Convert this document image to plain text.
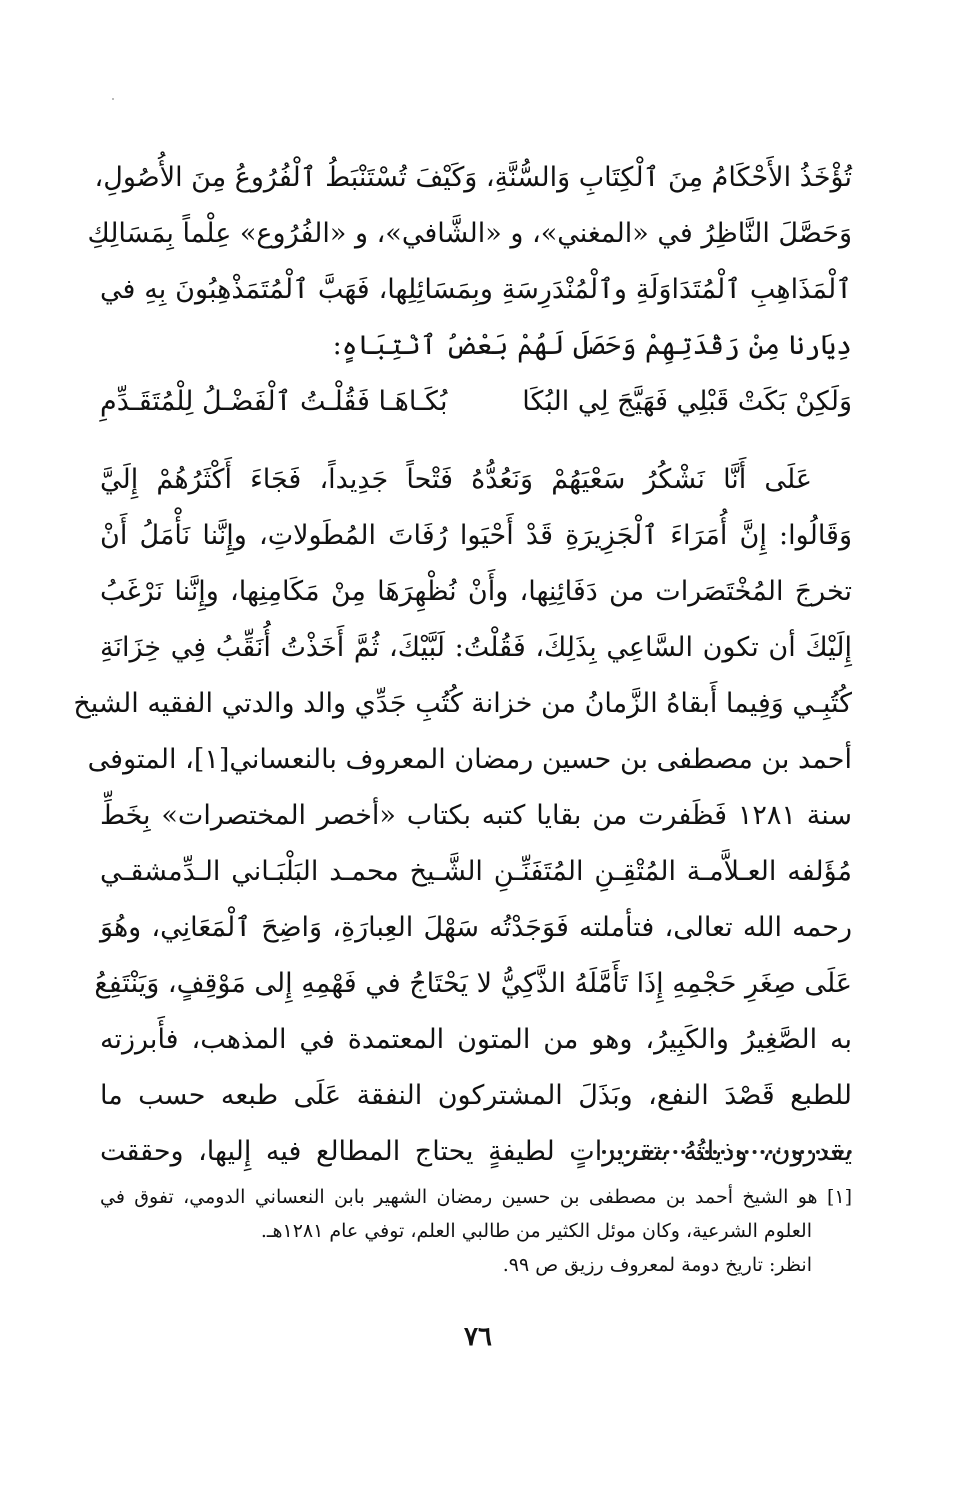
تُؤْخَذُ الأَحْكَامُ مِنَ ٱلْكِتَابِ وَالسُّنَّةِ، وَكَيْفَ تُسْتَنْبَطُ ٱلْفُرُوعُ مِنَ الأُصُولِ،
وَحَصَّلَ النَّاظِرُ في «المغني»، و «الشَّافي»، و «الفُرُوع» عِلْماً بِمَسَالِكِ
ٱلْمَذَاهِبِ ٱلْمُتَدَاوَلَةِ وٱلْمُنْدَرِسَةِ وبِمَسَائِلِها، فَهَبَّ ٱلْمُتَمَذْهِبُونَ بِهِ في
دِيَارنا مِنْ رَقْدَتِهِمْ وَحَصَلَ لَهُمْ بَعْضُ ٱنْتِبَاهٍ:
وَلَكِنْ بَكَتْ قَبْلِي فَهَيَّجَ لِي البُكَا
بُكَـاهَـا فَقُلْـتُ ٱلْفَضْـلُ لِلْمُتَقَـدِّمِ
عَلَى أَنَّا نَشْكُرُ سَعْيَهُمْ وَنَعُدُّهُ فَتْحاً جَدِيداً، فَجَاءَ أَكْثَرُهُمْ إِلَيَّ
وَقَالُوا: إِنَّ أُمَرَاءَ ٱلْجَزِيرَةِ قَدْ أَحْيَوا رُفَاتَ المُطَولاتِ، وإِنَّنا نَأْمَلُ أَنْ
تخرجَ المُخْتَصَرات من دَفَائِنِها، وأَنْ نُظْهِرَهَا مِنْ مَكَامِنِها، وإِنَّنا نَرْغَبُ
إِلَيْكَ أن تكون السَّاعِي بِذَلِكَ، فَقُلْتُ: لَبَّيْكَ، ثُمَّ أَخَذْتُ أُنَقِّبُ فِي خِزَانَةِ
كُتُبِـي وَفِيما أَبقاهُ الزَّمانُ من خزانة كُتُبِ جَدِّي والد والدتي الفقيه الشيخ
أحمد بن مصطفى بن حسين رمضان المعروف بالنعساني[١]، المتوفى
سنة ١٢٨١ فَظَفرت من بقايا كتبه بكتاب «أخصر المختصرات» بِخَطِّ
مُؤَلفه العـلاَّمـة المُتْقِـنِ المُتَفَنِّـنِ الشَّـيخ محمـد البَلْبَـاني الـدِّمشقـي
رحمه الله تعالى، فتأملته فَوَجَدْتُه سَهْلَ العِبارَةِ، وَاضِحَ ٱلْمَعَانِي، وهُوَ
عَلَى صِغَرِ حَجْمِهِ إِذَا تَأَمَّلَهُ الذَّكِيُّ لا يَحْتَاجُ في فَهْمِهِ إِلى مَوْقِفٍ، وَيَنْتَفِعُ
به الصَّغِيرُ والكَبِيرُ، وهو من المتون المعتمدة في المذهب، فأَبرزته
للطبع قَصْدَ النفع، وبَذَلَ المشتركون النفقة عَلَى طبعه حسب ما
يقدرون، وذيلتُهُ بتقريراتٍ لطيفةٍ يحتاج المطالع فيه إِليها، وحققت
[١] هو الشيخ أحمد بن مصطفى بن حسين رمضان الشهير بابن النعساني الدومي، تفوق في
العلوم الشرعية، وكان موئل الكثير من طالبي العلم، توفي عام ١٢٨١هـ.
انظر: تاريخ دومة لمعروف رزيق ص ٩٩.
٧٦
